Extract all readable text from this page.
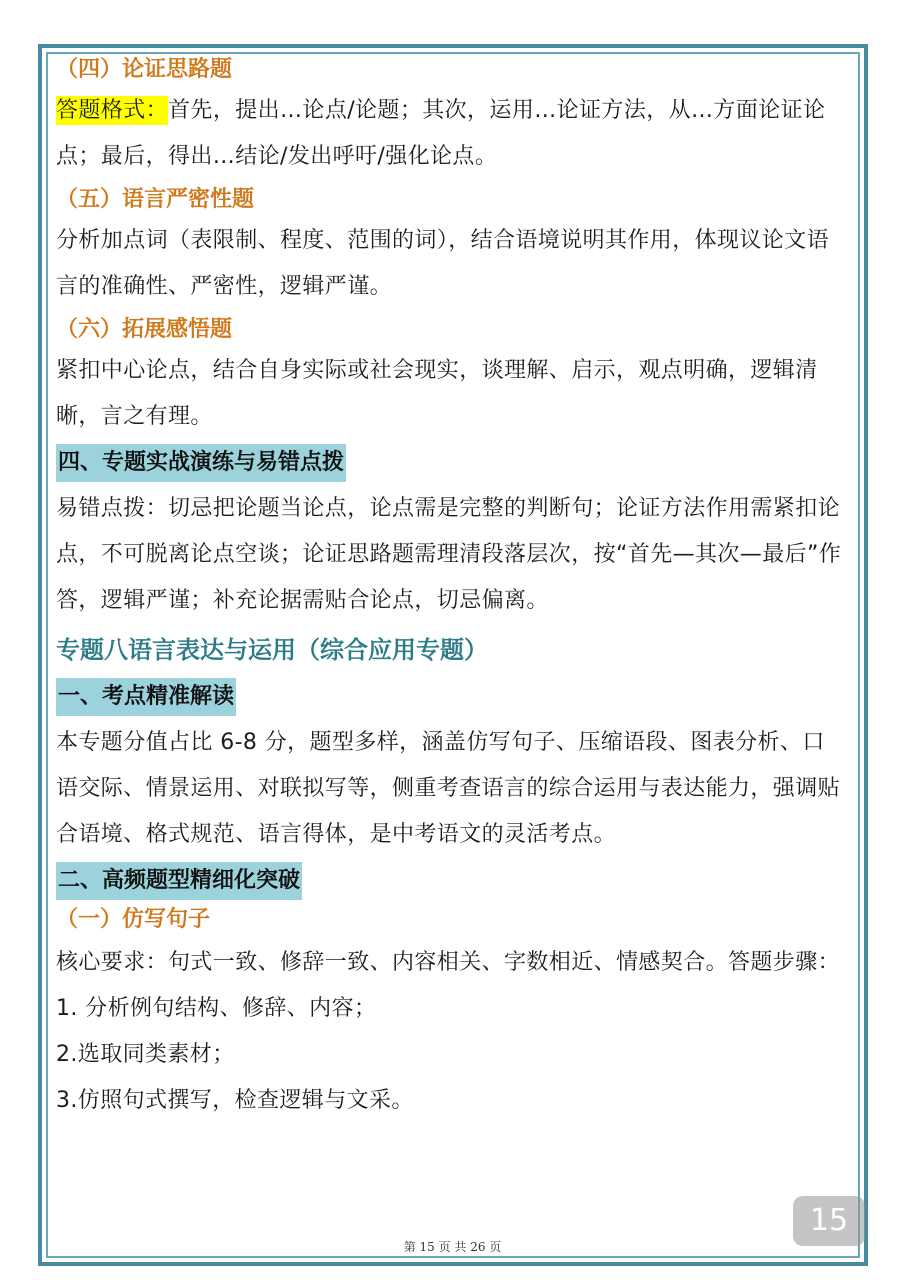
（四）论证思路题
答题格式：首先，提出…论点/论题；其次，运用…论证方法，从…方面论证论点；最后，得出…结论/发出呼吁/强化论点。
（五）语言严密性题
分析加点词（表限制、程度、范围的词），结合语境说明其作用，体现议论文语言的准确性、严密性，逻辑严谨。
（六）拓展感悟题
紧扣中心论点，结合自身实际或社会现实，谈理解、启示，观点明确，逻辑清晰，言之有理。
四、专题实战演练与易错点拨
易错点拨：切忌把论题当论点，论点需是完整的判断句；论证方法作用需紧扣论点，不可脱离论点空谈；论证思路题需理清段落层次，按“首先—其次—最后”作答，逻辑严谨；补充论据需贴合论点，切忌偏离。
专题八语言表达与运用（综合应用专题）
一、考点精准解读
本专题分值占比 6-8 分，题型多样，涵盖仿写句子、压缩语段、图表分析、口语交际、情景运用、对联拟写等，侧重考查语言的综合运用与表达能力，强调贴合语境、格式规范、语言得体，是中考语文的灵活考点。
二、高频题型精细化突破
（一）仿写句子
核心要求：句式一致、修辞一致、内容相关、字数相近、情感契合。答题步骤：
1. 分析例句结构、修辞、内容；
2.选取同类素材；
3.仿照句式撰写，检查逻辑与文采。
第 15 页 共 26 页
15
